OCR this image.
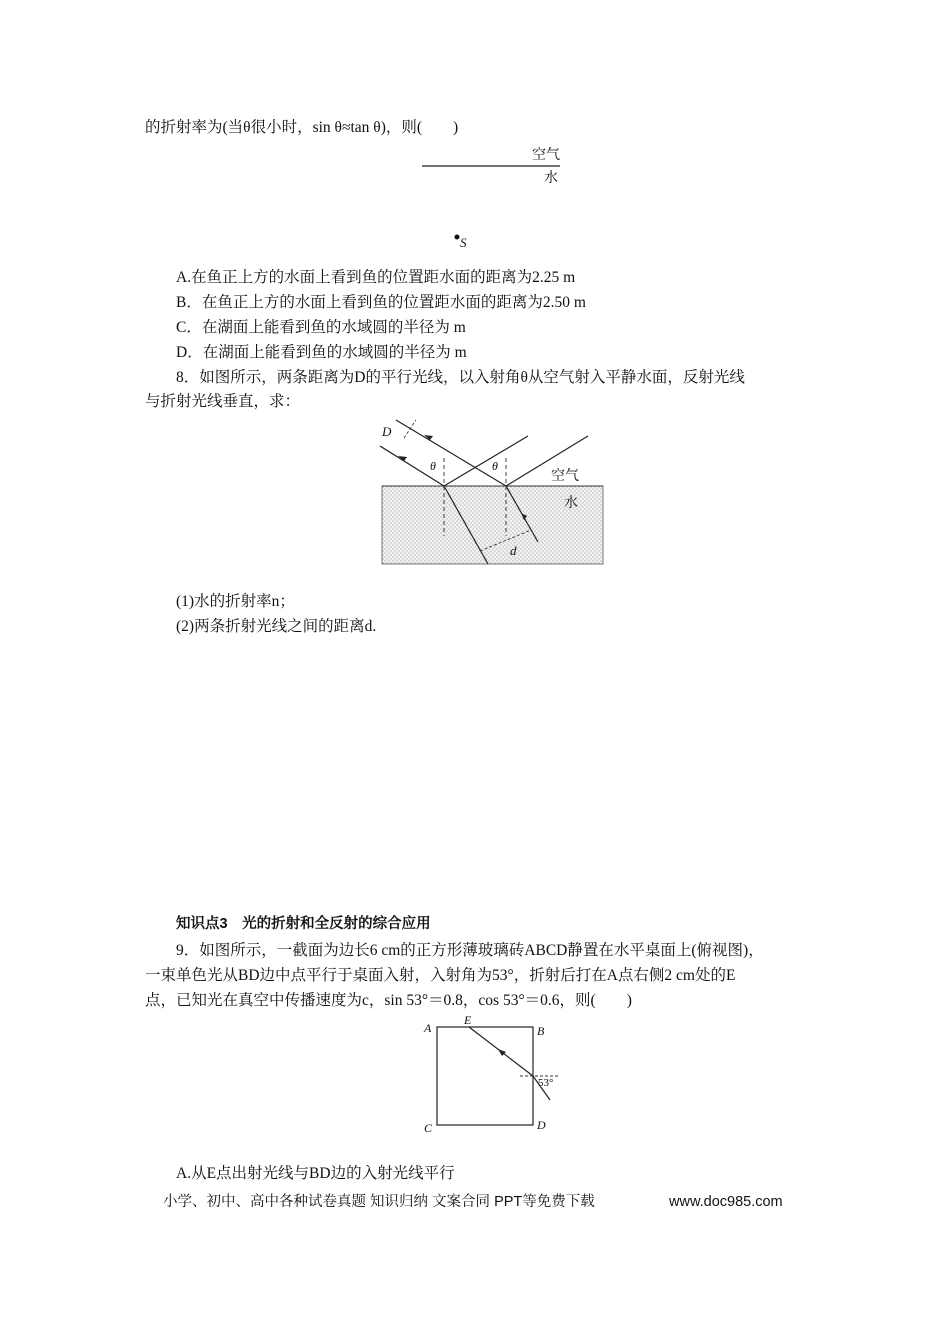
的折射率为(当θ很小时，sin θ≈tan θ)，则(　　)
空气
水
S
A.在鱼正上方的水面上看到鱼的位置距水面的距离为2.25 m
B．在鱼正上方的水面上看到鱼的位置距水面的距离为2.50 m
C．在湖面上能看到鱼的水域圆的半径为 m
D．在湖面上能看到鱼的水域圆的半径为 m
8．如图所示，两条距离为D的平行光线，以入射角θ从空气射入平静水面，反射光线
与折射光线垂直，求：
D
θ	θ
空气
水
d
(1)水的折射率n；
(2)两条折射光线之间的距离d.
知识点3　光的折射和全反射的综合应用
9．如图所示，一截面为边长6 cm的正方形薄玻璃砖ABCD静置在水平桌面上(俯视图)，
一束单色光从BD边中点平行于桌面入射，入射角为53°，折射后打在A点右侧2 cm处的E
点，已知光在真空中传播速度为c，sin 53°＝0.8，cos 53°＝0.6，则(　　)
A
E
B
C	D
53°
A.从E点出射光线与BD边的入射光线平行
小学、初中、高中各种试卷真题 知识归纳 文案合同 PPT等免费下载	www.doc985.com
